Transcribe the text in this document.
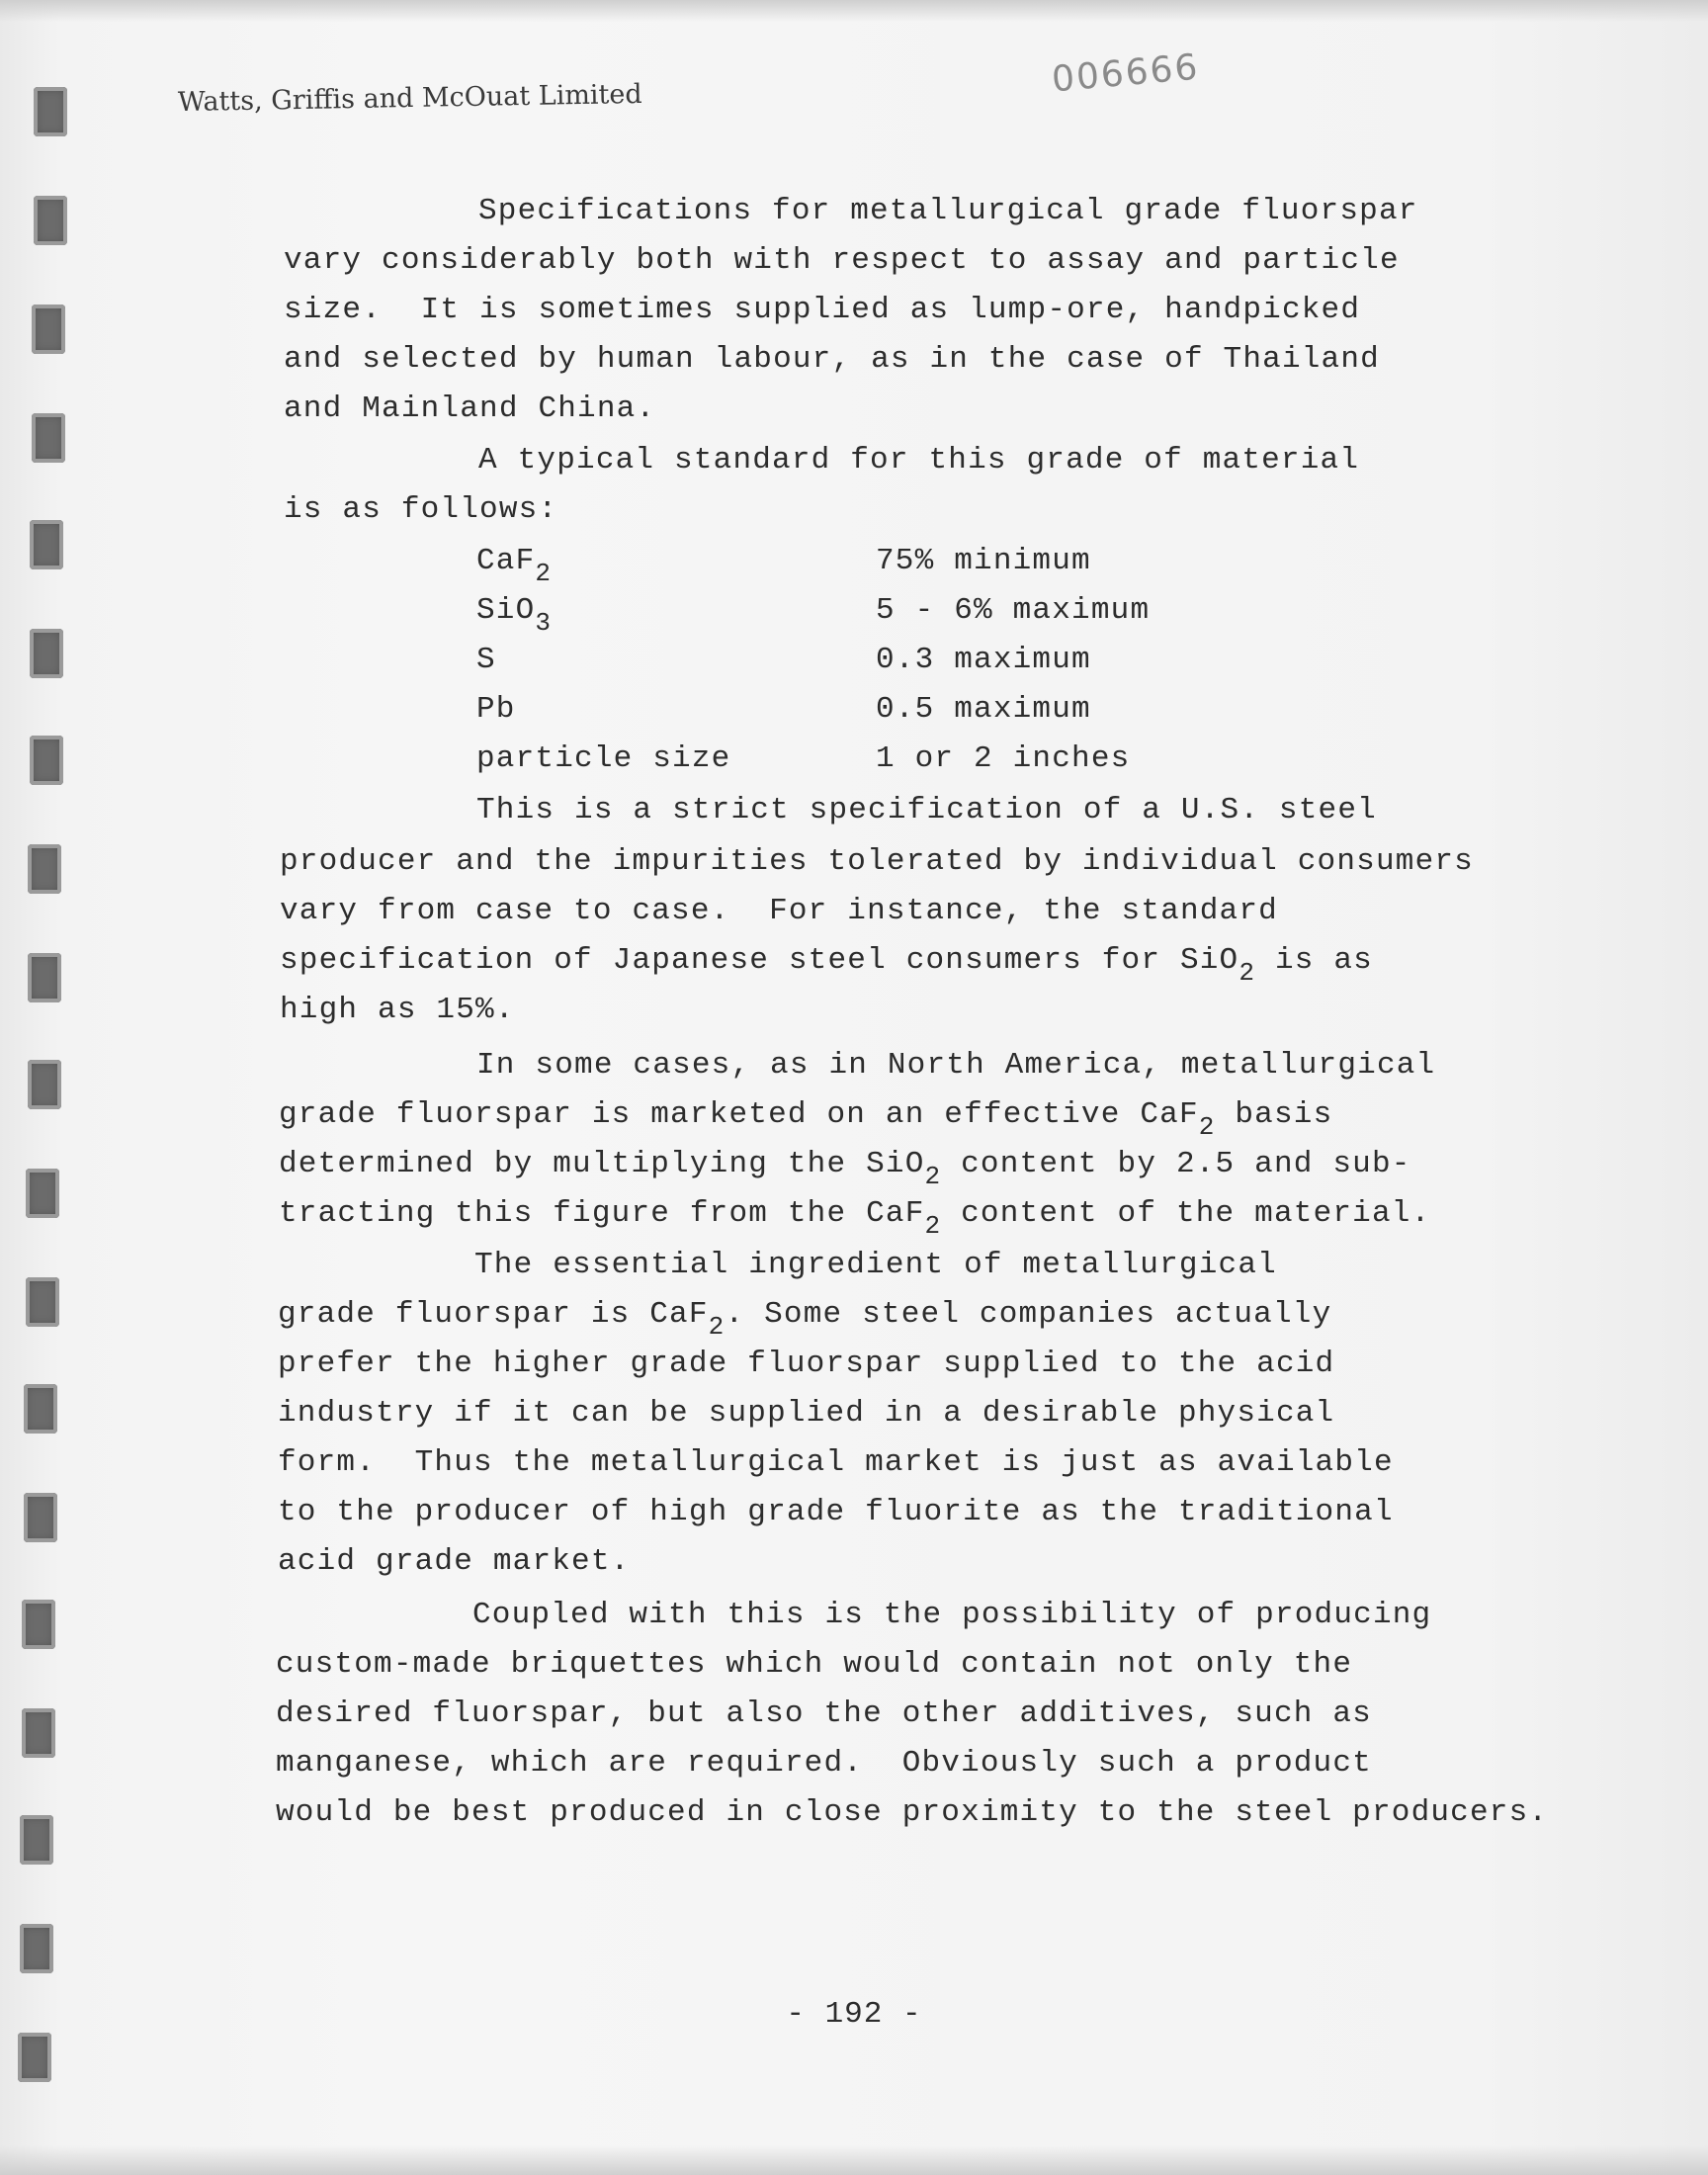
Watts, Griffis and McOuat Limited	006666
Specifications for metallurgical grade fluorspar
vary considerably both with respect to assay and particle
size.  It is sometimes supplied as lump-ore, handpicked
and selected by human labour, as in the case of Thailand
and Mainland China.
A typical standard for this grade of material
is as follows:
CaF$_2$	75% minimum
SiO$_3$	5 - 6% maximum
S	0.3 maximum
Pb	0.5 maximum
particle size	1 or 2 inches
This is a strict specification of a U.S. steel
producer and the impurities tolerated by individual consumers
vary from case to case.  For instance, the standard
specification of Japanese steel consumers for SiO$_2$ is as
high as 15%.
In some cases, as in North America, metallurgical
grade fluorspar is marketed on an effective CaF$_2$ basis
determined by multiplying the SiO$_2$ content by 2.5 and sub-
tracting this figure from the CaF$_2$ content of the material.
The essential ingredient of metallurgical
grade fluorspar is CaF$_2$. Some steel companies actually
prefer the higher grade fluorspar supplied to the acid
industry if it can be supplied in a desirable physical
form.  Thus the metallurgical market is just as available
to the producer of high grade fluorite as the traditional
acid grade market.
Coupled with this is the possibility of producing
custom-made briquettes which would contain not only the
desired fluorspar, but also the other additives, such as
manganese, which are required.  Obviously such a product
would be best produced in close proximity to the steel producers.
- 192 -
